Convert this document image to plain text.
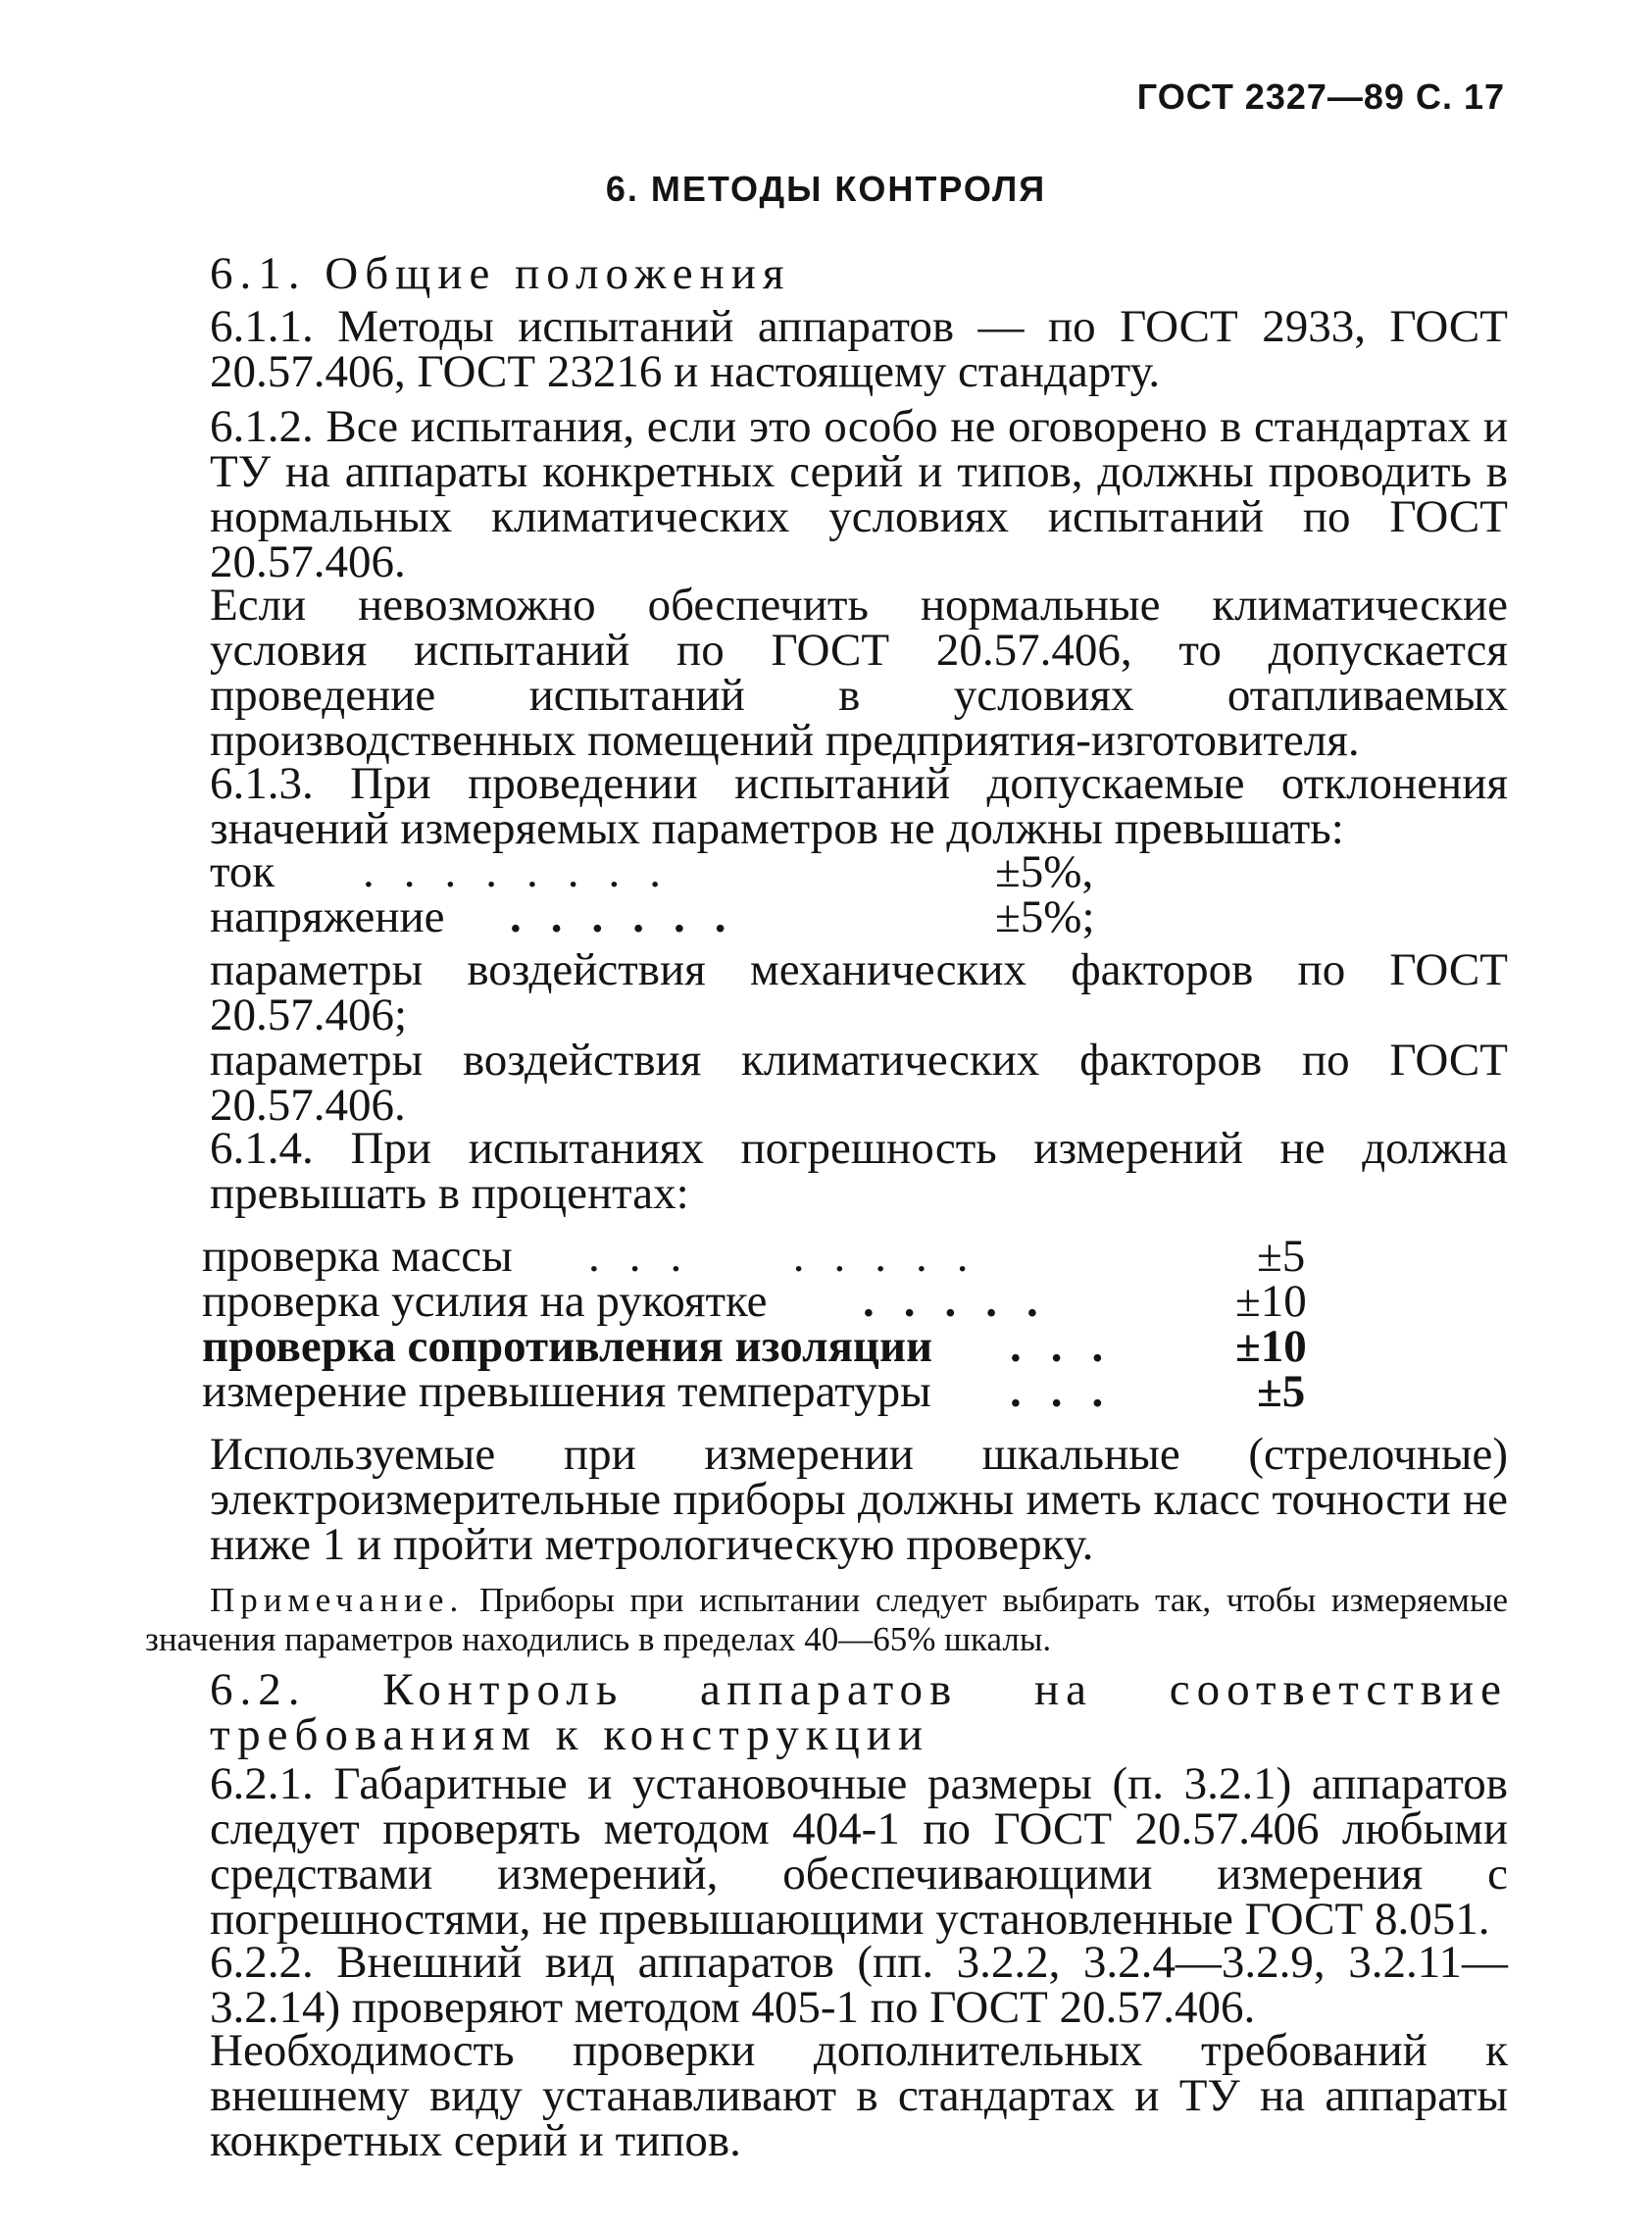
ГОСТ 2327—89 С. 17
6. МЕТОДЫ КОНТРОЛЯ
6.1. Общие положения
6.1.1. Методы испытаний аппаратов — по ГОСТ 2933, ГОСТ 20.57.406, ГОСТ 23216 и настоящему стандарту.
6.1.2. Все испытания, если это особо не оговорено в стандартах и ТУ на аппараты конкретных серий и типов, должны проводить в нормальных климатических условиях испытаний по ГОСТ 20.57.406.
Если невозможно обеспечить нормальные климатические условия испытаний по ГОСТ 20.57.406, то допускается проведение испытаний в условиях отапливаемых производственных помещений предприятия-изготовителя.
6.1.3. При проведении испытаний допускаемые отклонения значений измеряемых параметров не должны превышать:
ток ........	±5%,
напряжение ......	±5%;
параметры воздействия механических факторов по ГОСТ 20.57.406;
параметры воздействия климатических факторов по ГОСТ 20.57.406.
6.1.4. При испытаниях погрешность измерений не должна превышать в процентах:
проверка массы ...  .....	±5
проверка усилия на рукоятке .....	±10
проверка сопротивления изоляции ... ±10
измерение превышения температуры ...	±5
Используемые при измерении шкальные (стрелочные) электроизмерительные приборы должны иметь класс точности не ниже 1 и пройти метрологическую проверку.
Примечание. Приборы при испытании следует выбирать так, чтобы измеряемые значения параметров находились в пределах 40—65% шкалы.
6.2. Контроль аппаратов на соответствие требованиям к конструкции
6.2.1. Габаритные и установочные размеры (п. 3.2.1) аппаратов следует проверять методом 404-1 по ГОСТ 20.57.406 любыми средствами измерений, обеспечивающими измерения с погрешностями, не превышающими установленные ГОСТ 8.051.
6.2.2. Внешний вид аппаратов (пп. 3.2.2, 3.2.4—3.2.9, 3.2.11—3.2.14) проверяют методом 405-1 по ГОСТ 20.57.406.
Необходимость проверки дополнительных требований к внешнему виду устанавливают в стандартах и ТУ на аппараты конкретных серий и типов.
